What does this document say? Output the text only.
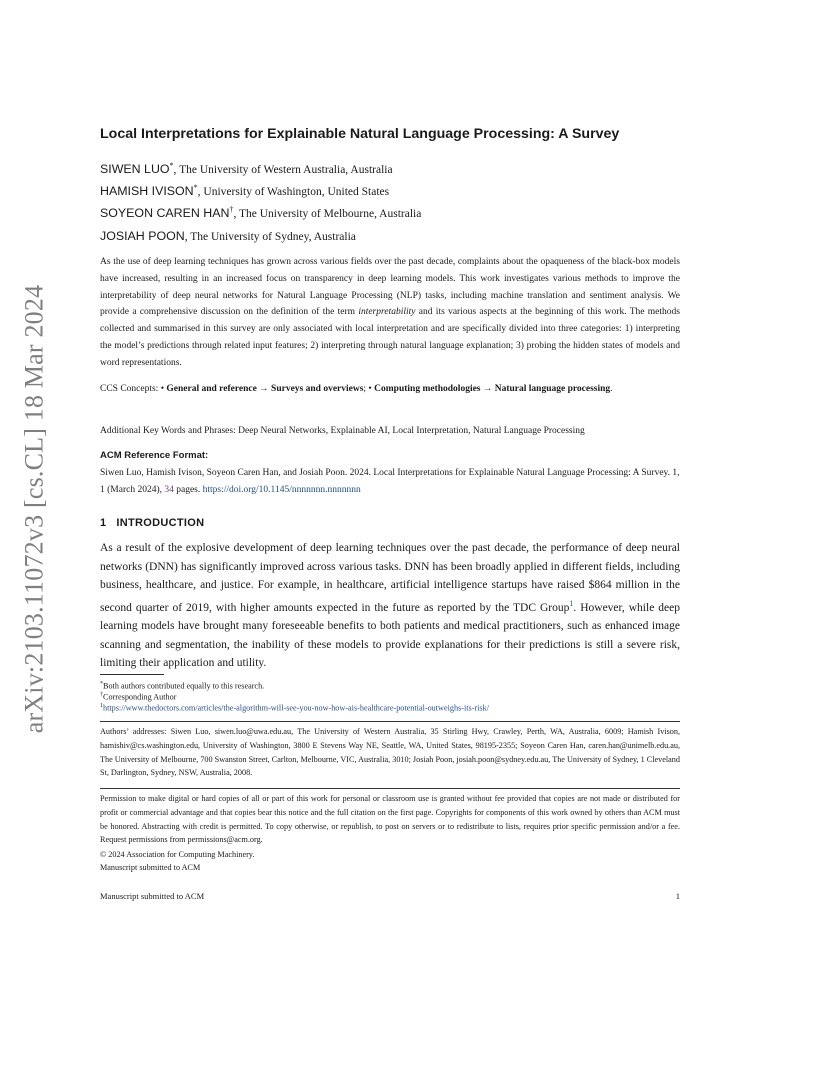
arXiv:2103.11072v3 [cs.CL] 18 Mar 2024
Local Interpretations for Explainable Natural Language Processing: A Survey
SIWEN LUO*, The University of Western Australia, Australia
HAMISH IVISON*, University of Washington, United States
SOYEON CAREN HAN†, The University of Melbourne, Australia
JOSIAH POON, The University of Sydney, Australia

As the use of deep learning techniques has grown across various fields over the past decade, complaints about the opaqueness of the black-box models have increased, resulting in an increased focus on transparency in deep learning models. This work investigates various methods to improve the interpretability of deep neural networks for Natural Language Processing (NLP) tasks, including machine translation and sentiment analysis. We provide a comprehensive discussion on the definition of the term interpretability and its various aspects at the beginning of this work. The methods collected and summarised in this survey are only associated with local interpretation and are specifically divided into three categories: 1) interpreting the model’s predictions through related input features; 2) interpreting through natural language explanation; 3) probing the hidden states of models and word representations.

CCS Concepts: • General and reference → Surveys and overviews; • Computing methodologies → Natural language processing.
Additional Key Words and Phrases: Deep Neural Networks, Explainable AI, Local Interpretation, Natural Language Processing
ACM Reference Format:
Siwen Luo, Hamish Ivison, Soyeon Caren Han, and Josiah Poon. 2024. Local Interpretations for Explainable Natural Language Processing: A Survey. 1, 1 (March 2024), 34 pages. https://doi.org/10.1145/nnnnnnn.nnnnnnn
1 INTRODUCTION

As a result of the explosive development of deep learning techniques over the past decade, the performance of deep neural networks (DNN) has significantly improved across various tasks. DNN has been broadly applied in different fields, including business, healthcare, and justice. For example, in healthcare, artificial intelligence startups have raised $864 million in the second quarter of 2019, with higher amounts expected in the future as reported by the TDC Group$^1$. However, while deep learning models have brought many foreseeable benefits to both patients and medical practitioners, such as enhanced image scanning and segmentation, the inability of these models to provide explanations for their predictions is still a severe risk, limiting their application and utility.

*Both authors contributed equally to this research.
†Corresponding Author
$^1$https://www.thedoctors.com/articles/the-algorithm-will-see-you-now-how-ais-healthcare-potential-outweighs-its-risk/

Authors’ addresses: Siwen Luo, siwen.luo@uwa.edu.au, The University of Western Australia, 35 Stirling Hwy, Crawley, Perth, WA, Australia, 6009; Hamish Ivison, hamishiv@cs.washington.edu, University of Washington, 3800 E Stevens Way NE, Seattle, WA, United States, 98195-2355; Soyeon Caren Han, caren.han@unimelb.edu.au, The University of Melbourne, 700 Swanston Street, Carlton, Melbourne, VIC, Australia, 3010; Josiah Poon, josiah.poon@sydney.edu.au, The University of Sydney, 1 Cleveland St, Darlington, Sydney, NSW, Australia, 2008.

Permission to make digital or hard copies of all or part of this work for personal or classroom use is granted without fee provided that copies are not made or distributed for profit or commercial advantage and that copies bear this notice and the full citation on the first page. Copyrights for components of this work owned by others than ACM must be honored. Abstracting with credit is permitted. To copy otherwise, or republish, to post on servers or to redistribute to lists, requires prior specific permission and/or a fee. Request permissions from permissions@acm.org.

© 2024 Association for Computing Machinery.
Manuscript submitted to ACM
Manuscript submitted to ACM	1
